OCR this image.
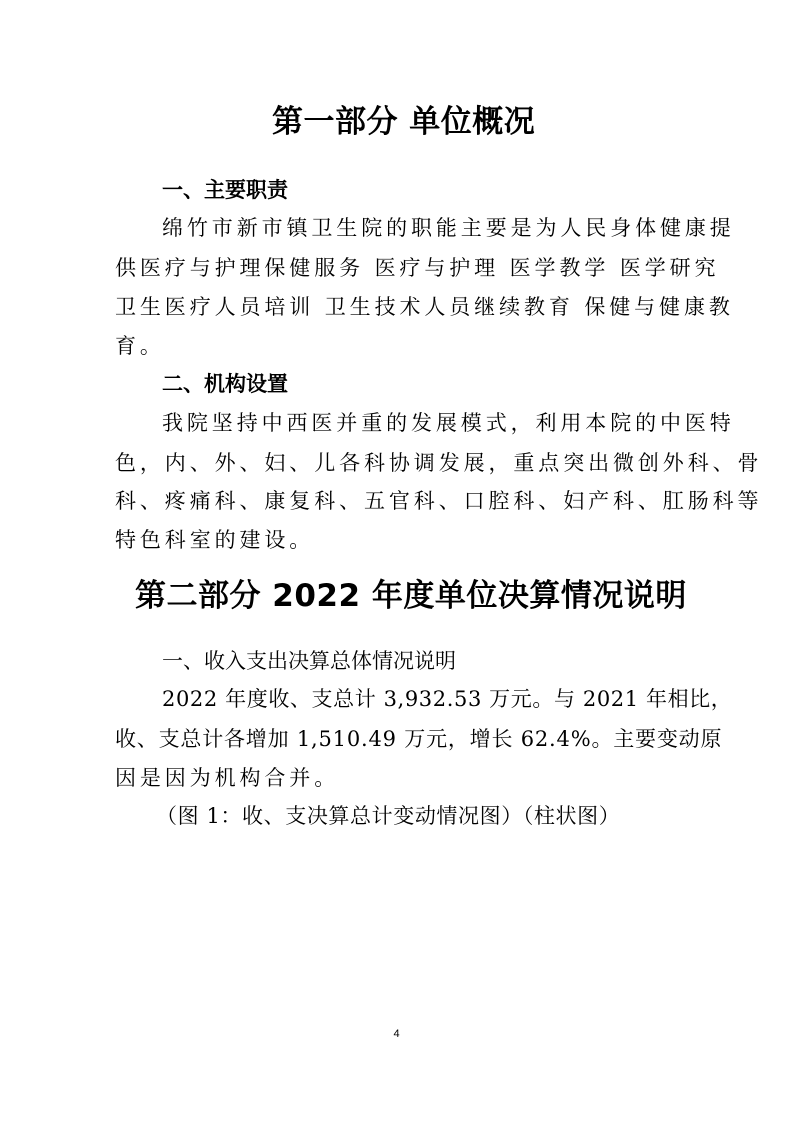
第一部分 单位概况
一、主要职责
绵竹市新市镇卫生院的职能主要是为人民身体健康提
供医疗与护理保健服务 医疗与护理 医学教学 医学研究
卫生医疗人员培训 卫生技术人员继续教育 保健与健康教
育。
二、机构设置
我院坚持中西医并重的发展模式，利用本院的中医特
色，内、外、妇、儿各科协调发展，重点突出微创外科、骨
科、疼痛科、康复科、五官科、口腔科、妇产科、肛肠科等
特色科室的建设。
第二部分 2022 年度单位决算情况说明
一、收入支出决算总体情况说明
2022 年度收、支总计 3,932.53 万元。与 2021 年相比，
收、支总计各增加 1,510.49 万元，增长 62.4%。主要变动原
因是因为机构合并。
（图 1：收、支决算总计变动情况图）（柱状图）
4
